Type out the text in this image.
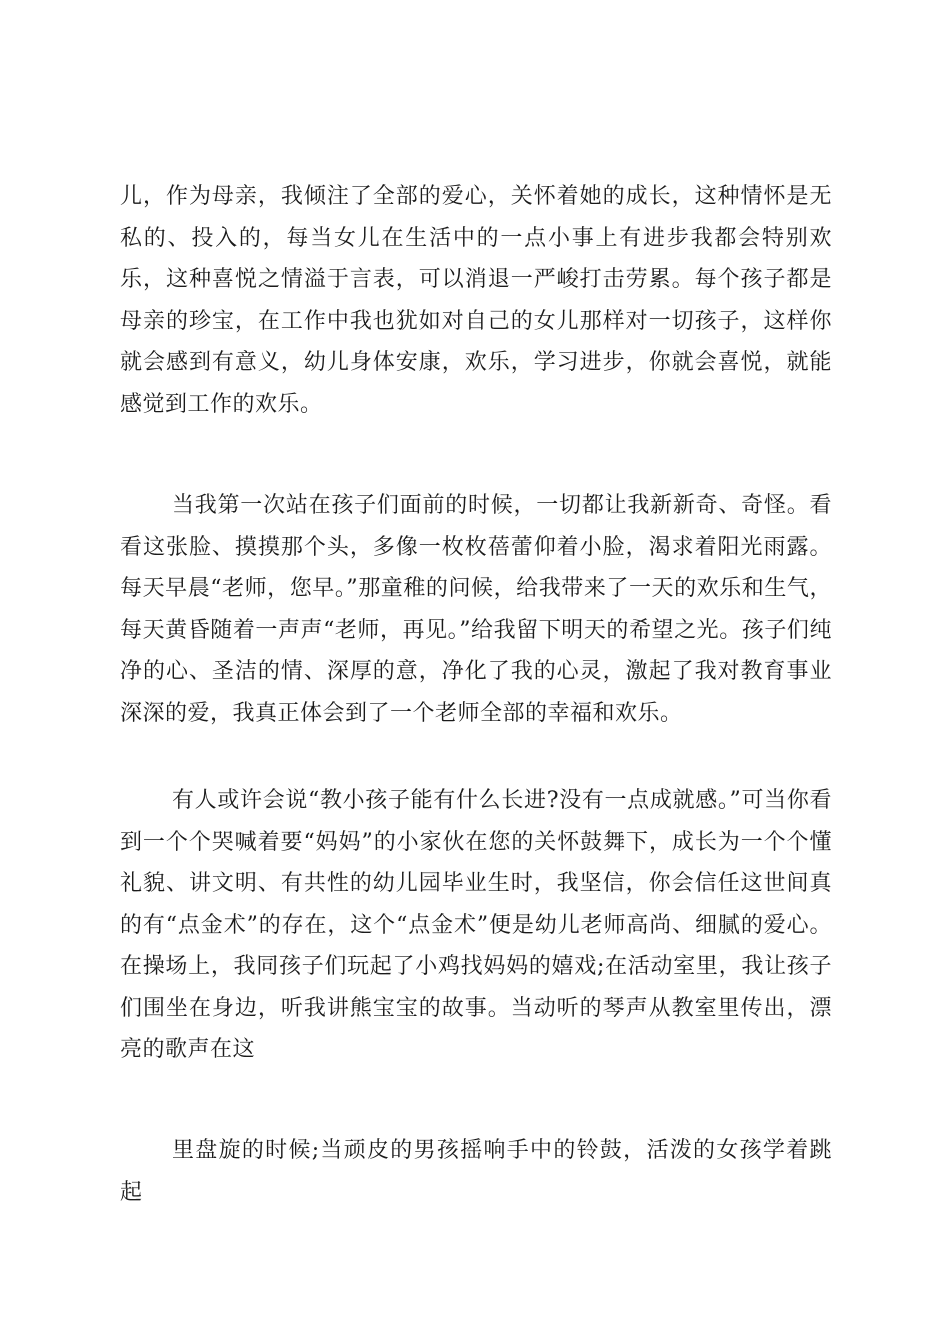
儿，作为母亲，我倾注了全部的爱心，关怀着她的成长，这种情怀是无私的、投入的，每当女儿在生活中的一点小事上有进步我都会特别欢乐，这种喜悦之情溢于言表，可以消退一严峻打击劳累。每个孩子都是母亲的珍宝，在工作中我也犹如对自己的女儿那样对一切孩子，这样你就会感到有意义，幼儿身体安康，欢乐，学习进步，你就会喜悦，就能感觉到工作的欢乐。

当我第一次站在孩子们面前的时候，一切都让我新新奇、奇怪。看看这张脸、摸摸那个头，多像一枚枚蓓蕾仰着小脸，渴求着阳光雨露。每天早晨“老师，您早。”那童稚的问候，给我带来了一天的欢乐和生气，每天黄昏随着一声声“老师，再见。”给我留下明天的希望之光。孩子们纯净的心、圣洁的情、深厚的意，净化了我的心灵，激起了我对教育事业深深的爱，我真正体会到了一个老师全部的幸福和欢乐。

有人或许会说“教小孩子能有什么长进?没有一点成就感。”可当你看到一个个哭喊着要“妈妈”的小家伙在您的关怀鼓舞下，成长为一个个懂礼貌、讲文明、有共性的幼儿园毕业生时，我坚信，你会信任这世间真的有“点金术”的存在，这个“点金术”便是幼儿老师高尚、细腻的爱心。在操场上，我同孩子们玩起了小鸡找妈妈的嬉戏;在活动室里，我让孩子们围坐在身边，听我讲熊宝宝的故事。当动听的琴声从教室里传出，漂亮的歌声在这

里盘旋的时候;当顽皮的男孩摇响手中的铃鼓，活泼的女孩学着跳起
